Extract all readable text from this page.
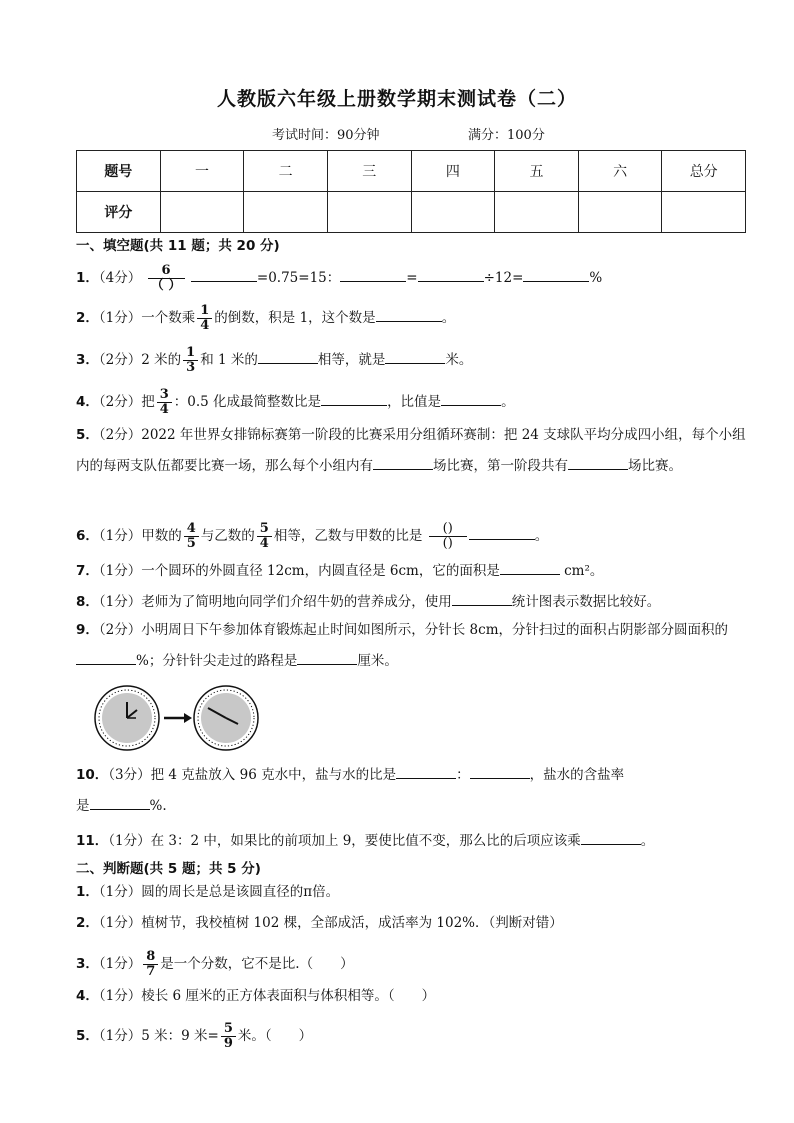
人教版六年级上册数学期末测试卷（二）
考试时间：90分钟	满分：100分
题号	一	二	三	四	五	六	总分
评分							
一、填空题(共 11 题；共 20 分)
1．（4分） $\frac{6}{( )}$	=0.75=15：	=	÷12=	%
2．（1分）一个数乘 $\frac{1}{4}$ 的倒数，积是 1，这个数是	。
3．（2分）2 米的 $\frac{1}{3}$ 和 1 米的	相等，就是	米。
4．（2分）把 $\frac{3}{4}$ ：0.5 化成最简整数比是	，比值是	。
5．（2分）2022 年世界女排锦标赛第一阶段的比赛采用分组循环赛制：把 24 支球队平均分成四小组，每个小组内的每两支队伍都要比赛一场，那么每个小组内有	场比赛，第一阶段共有	场比赛。
6．（1分）甲数的 $\frac{4}{5}$ 与乙数的 $\frac{5}{4}$ 相等，乙数与甲数的比是 $\frac{()}{()}$	。
7．（1分）一个圆环的外圆直径 12cm，内圆直径是 6cm，它的面积是	cm²。
8．（1分）老师为了简明地向同学们介绍牛奶的营养成分，使用	统计图表示数据比较好。
9．（2分）小明周日下午参加体育锻炼起止时间如图所示，分针长 8cm，分针扫过的面积占阴影部分圆面积的%；分针针尖走过的路程是	厘米。
10．（3分）把 4 克盐放入 96 克水中，盐与水的比是	：	，盐水的含盐率
是	%.
11．（1分）在 3：2 中，如果比的前项加上 9，要使比值不变，那么比的后项应该乘	。
二、判断题(共 5 题；共 5 分)
1．（1分）圆的周长是总是该圆直径的π倍。
2．（1分）植树节，我校植树 102 棵，全部成活，成活率为 102%．（判断对错）
3．（1分） $\frac{8}{7}$ 是一个分数，它不是比.（　　）
4．（1分）棱长 6 厘米的正方体表面积与体积相等。（　　）
5．（1分）5 米：9 米= $\frac{5}{9}$ 米。（　　）
